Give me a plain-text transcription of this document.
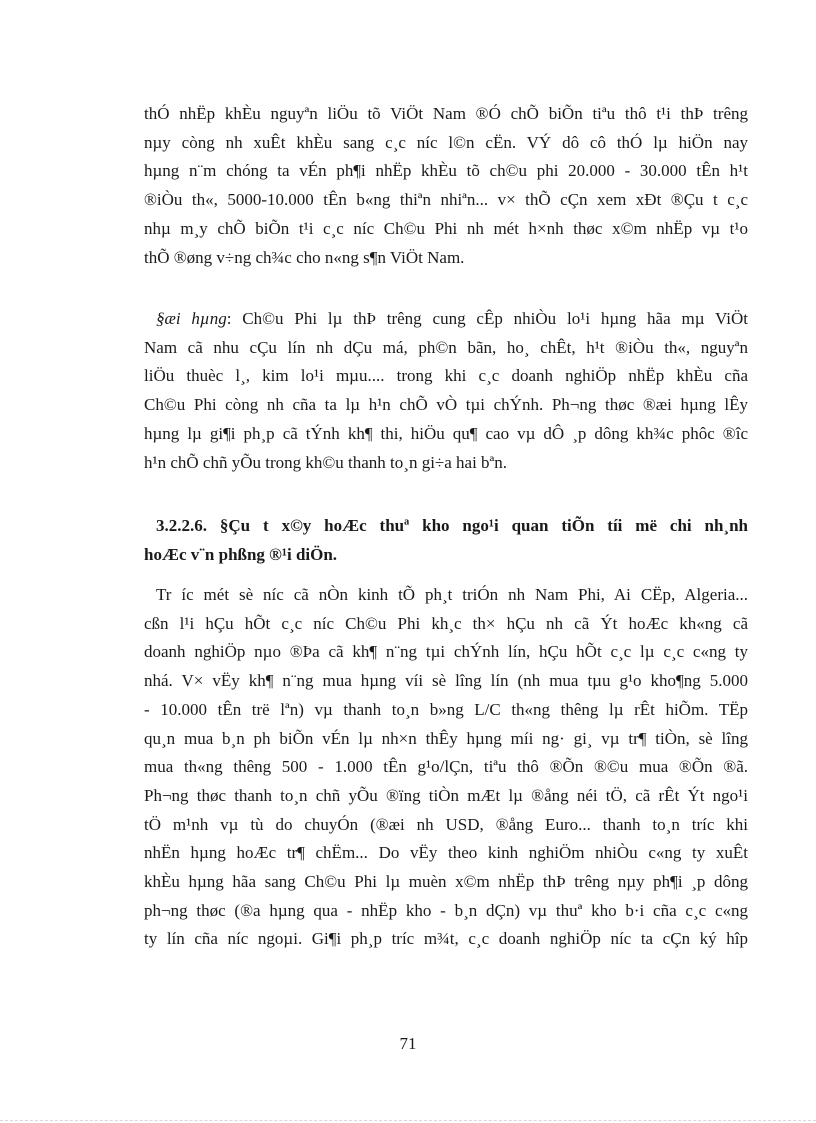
thÓ nhËp khÈu nguyªn liÖu tõ ViÖt Nam ®Ó chÕ biÕn tiªu thô t¹i thÞ trêng
nµy còng nh xuÊt khÈu sang c¸c níc l©n cËn. VÝ dô cô thÓ lµ hiÖn nay
hµng n¨m chóng ta vÉn ph¶i nhËp khÈu tõ ch©u phi 20.000 - 30.000 tÊn h¹t
®iÒu th«, 5000-10.000 tÊn b«ng thiªn nhiªn... v× thÕ cÇn xem xÐt ®Çu t c¸c
nhµ m¸y chÕ biÕn t¹i c¸c níc Ch©u Phi nh mét h×nh thøc x©m nhËp vµ t¹o
thÕ ®øng v÷ng ch¾c cho n«ng s¶n ViÖt Nam.
§æi hµng: Ch©u Phi lµ thÞ trêng cung cÊp nhiÒu lo¹i hµng hãa mµ ViÖt
Nam cã nhu cÇu lín nh dÇu má, ph©n bãn, ho¸ chÊt, h¹t ®iÒu th«, nguyªn
liÖu thuèc l¸, kim lo¹i mµu.... trong khi c¸c doanh nghiÖp nhËp khÈu cña
Ch©u Phi còng nh cña ta lµ h¹n chÕ vÒ tµi chÝnh. Ph¬ng thøc ®æi hµng lÊy
hµng lµ gi¶i ph¸p cã tÝnh kh¶ thi, hiÖu qu¶ cao vµ dÔ ¸p dông kh¾c phôc ®îc
h¹n chÕ chñ yÕu trong kh©u thanh to¸n gi÷a hai bªn.
3.2.2.6. §Çu t x©y hoÆc thuª kho ngo¹i quan tiÕn tíi më chi nh¸nh
hoÆc v¨n phßng ®¹i diÖn.
Tr íc mét sè níc cã nÒn kinh tÕ ph¸t triÓn nh Nam Phi, Ai CËp, Algeria...
cßn l¹i hÇu hÕt c¸c níc Ch©u Phi kh¸c th× hÇu nh cã Ýt hoÆc kh«ng cã
doanh nghiÖp nµo ®Þa cã kh¶ n¨ng tµi chÝnh lín, hÇu hÕt c¸c lµ c¸c c«ng ty
nhá. V× vËy kh¶ n¨ng mua hµng víi sè lîng lín (nh mua tµu g¹o kho¶ng 5.000
- 10.000 tÊn trë lªn) vµ thanh to¸n b»ng L/C th«ng thêng lµ rÊt hiÕm. TËp
qu¸n mua b¸n ph biÕn vÉn lµ nh×n thÊy hµng míi ng· gi¸ vµ tr¶ tiÒn, sè lîng
mua th«ng thêng 500 - 1.000 tÊn g¹o/lÇn, tiªu thô ®Õn ®©u mua ®Õn ®ã.
Ph¬ng thøc thanh to¸n chñ yÕu ®ïng tiÒn mÆt lµ ®ång néi tÖ, cã rÊt Ýt ngo¹i
tÖ m¹nh vµ tù do chuyÓn (®æi nh USD, ®ång Euro... thanh to¸n tríc khi
nhËn hµng hoÆc tr¶ chËm... Do vËy theo kinh nghiÖm nhiÒu c«ng ty xuÊt
khÈu hµng hãa sang Ch©u Phi lµ muèn x©m nhËp thÞ trêng nµy ph¶i ¸p dông
ph¬ng thøc (®a hµng qua - nhËp kho - b¸n dÇn) vµ thuª kho b·i cña c¸c c«ng
ty lín cña níc ngoµi. Gi¶i ph¸p tríc m¾t, c¸c doanh nghiÖp níc ta cÇn ký hîp
71
